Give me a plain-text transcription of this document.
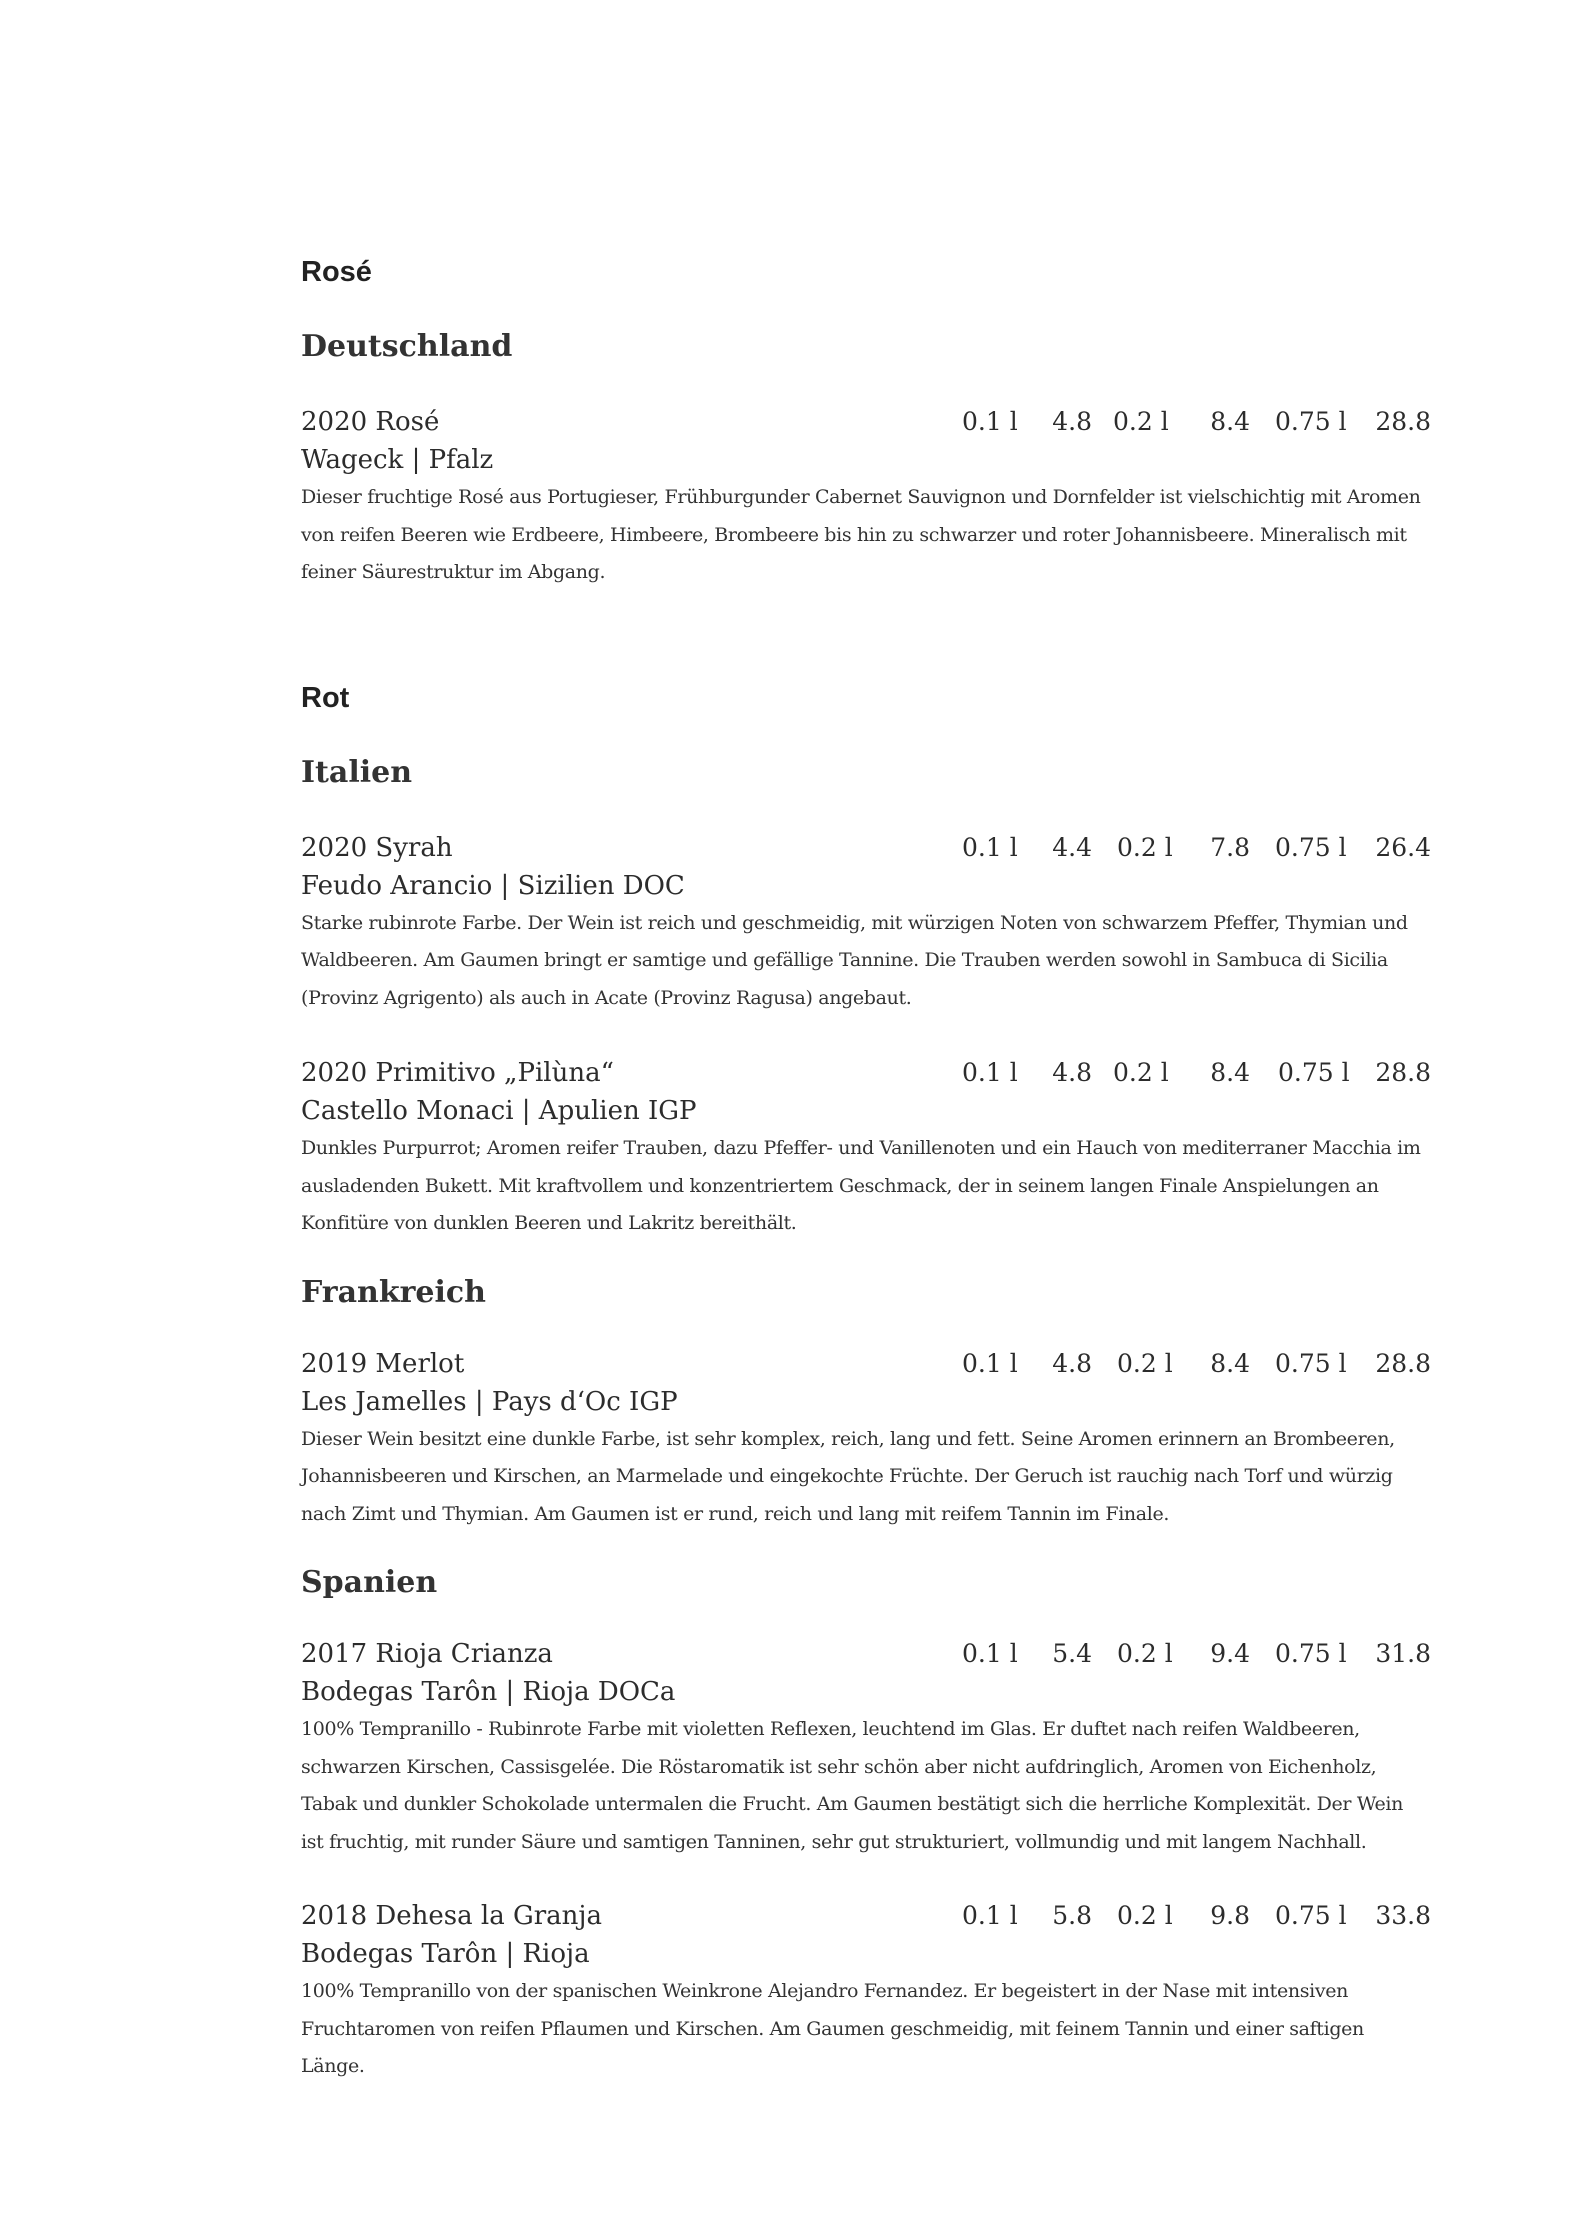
Rosé
Deutschland
2020 Rosé	0.1 l	4.8 0.2 l	8.4 0.75 l	28.8
Wageck | Pfalz

Dieser fruchtige Rosé aus Portugieser, Frühburgunder Cabernet Sauvignon und Dornfelder ist vielschichtig mit Aromen von reifen Beeren wie Erdbeere, Himbeere, Brombeere bis hin zu schwarzer und roter Johannisbeere. Mineralisch mit feiner Säurestruktur im Abgang.

Rot
Italien
2020 Syrah	0.1 l	4.4 0.2 l	7.8 0.75 l	26.4
Feudo Arancio | Sizilien DOC

Starke rubinrote Farbe. Der Wein ist reich und geschmeidig, mit würzigen Noten von schwarzem Pfeffer, Thymian und Waldbeeren. Am Gaumen bringt er samtige und gefällige Tannine. Die Trauben werden sowohl in Sambuca di Sicilia (Provinz Agrigento) als auch in Acate (Provinz Ragusa) angebaut.

2020 Primitivo „Pilùna“	0.1 l	4.8 0.2 l	8.4 0.75 l	28.8
Castello Monaci | Apulien IGP

Dunkles Purpurrot; Aromen reifer Trauben, dazu Pfeffer- und Vanillenoten und ein Hauch von mediterraner Macchia im ausladenden Bukett. Mit kraftvollem und konzentriertem Geschmack, der in seinem langen Finale Anspielungen an Konfitüre von dunklen Beeren und Lakritz bereithält.

Frankreich
2019 Merlot	0.1 l	4.8 0.2 l	8.4 0.75 l	28.8
Les Jamelles | Pays d‘Oc IGP

Dieser Wein besitzt eine dunkle Farbe, ist sehr komplex, reich, lang und fett. Seine Aromen erinnern an Brombeeren, Johannisbeeren und Kirschen, an Marmelade und eingekochte Früchte. Der Geruch ist rauchig nach Torf und würzig nach Zimt und Thymian. Am Gaumen ist er rund, reich und lang mit reifem Tannin im Finale.

Spanien
2017 Rioja Crianza	0.1 l	5.4 0.2 l	9.4 0.75 l	31.8
Bodegas Tarôn | Rioja DOCa

100% Tempranillo - Rubinrote Farbe mit violetten Reflexen, leuchtend im Glas. Er duftet nach reifen Waldbeeren, schwarzen Kirschen, Cassisgelée. Die Röstaromatik ist sehr schön aber nicht aufdringlich, Aromen von Eichenholz, Tabak und dunkler Schokolade untermalen die Frucht. Am Gaumen bestätigt sich die herrliche Komplexität. Der Wein ist fruchtig, mit runder Säure und samtigen Tanninen, sehr gut strukturiert, vollmundig und mit langem Nachhall.

2018 Dehesa la Granja	0.1 l	5.8 0.2 l	9.8 0.75 l	33.8
Bodegas Tarôn | Rioja

100% Tempranillo von der spanischen Weinkrone Alejandro Fernandez. Er begeistert in der Nase mit intensiven Fruchtaromen von reifen Pflaumen und Kirschen. Am Gaumen geschmeidig, mit feinem Tannin und einer saftigen Länge.
